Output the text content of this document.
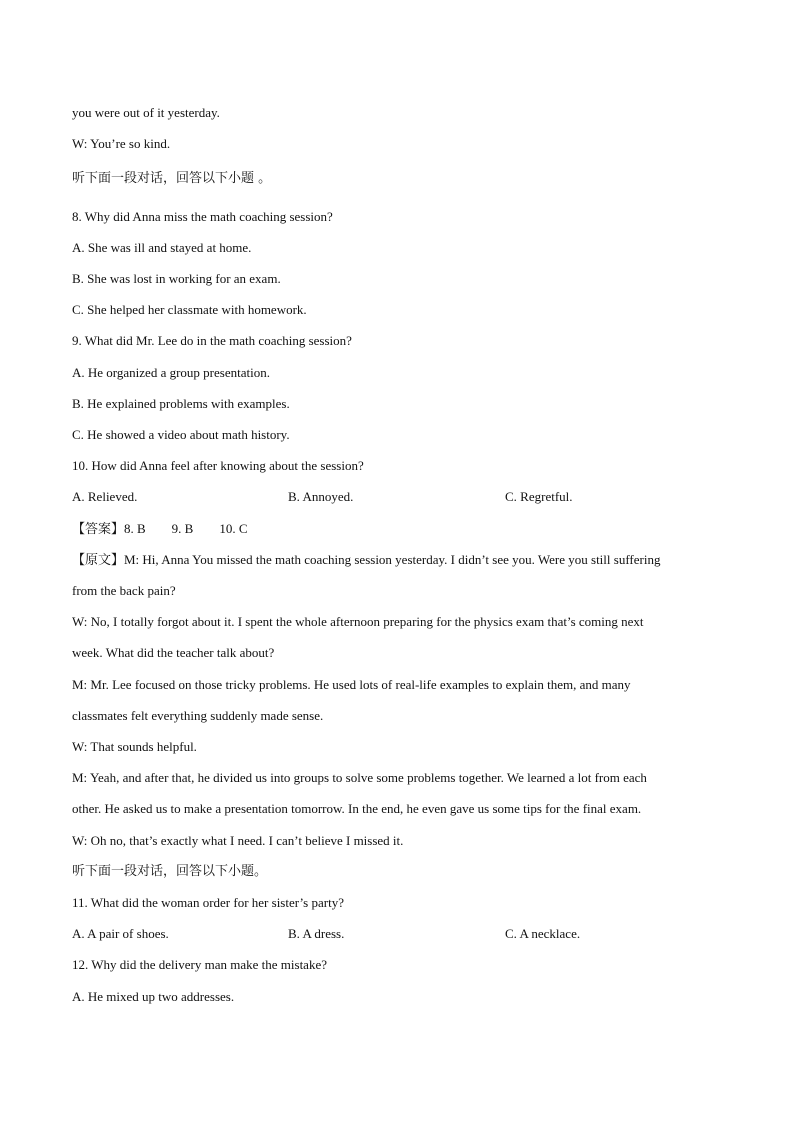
you were out of it yesterday.
W: You’re so kind.
听下面一段对话，回答以下小题 。
8. Why did Anna miss the math coaching session?
A. She was ill and stayed at home.
B. She was lost in working for an exam.
C. She helped her classmate with homework.
9. What did Mr. Lee do in the math coaching session?
A. He organized a group presentation.
B. He explained problems with examples.
C. He showed a video about math history.
10. How did Anna feel after knowing about the session?
A. Relieved.	B. Annoyed.	C. Regretful.
【答案】8. B        9. B        10. C
【原文】M: Hi, Anna You missed the math coaching session yesterday. I didn’t see you. Were you still suffering
from the back pain?
W: No, I totally forgot about it. I spent the whole afternoon preparing for the physics exam that’s coming next
week. What did the teacher talk about?
M: Mr. Lee focused on those tricky problems. He used lots of real-life examples to explain them, and many
classmates felt everything suddenly made sense.
W: That sounds helpful.
M: Yeah, and after that, he divided us into groups to solve some problems together. We learned a lot from each
other. He asked us to make a presentation tomorrow. In the end, he even gave us some tips for the final exam.
W: Oh no, that’s exactly what I need. I can’t believe I missed it.
听下面一段对话，回答以下小题。
11. What did the woman order for her sister’s party?
A. A pair of shoes.	B. A dress.	C. A necklace.
12. Why did the delivery man make the mistake?
A. He mixed up two addresses.
